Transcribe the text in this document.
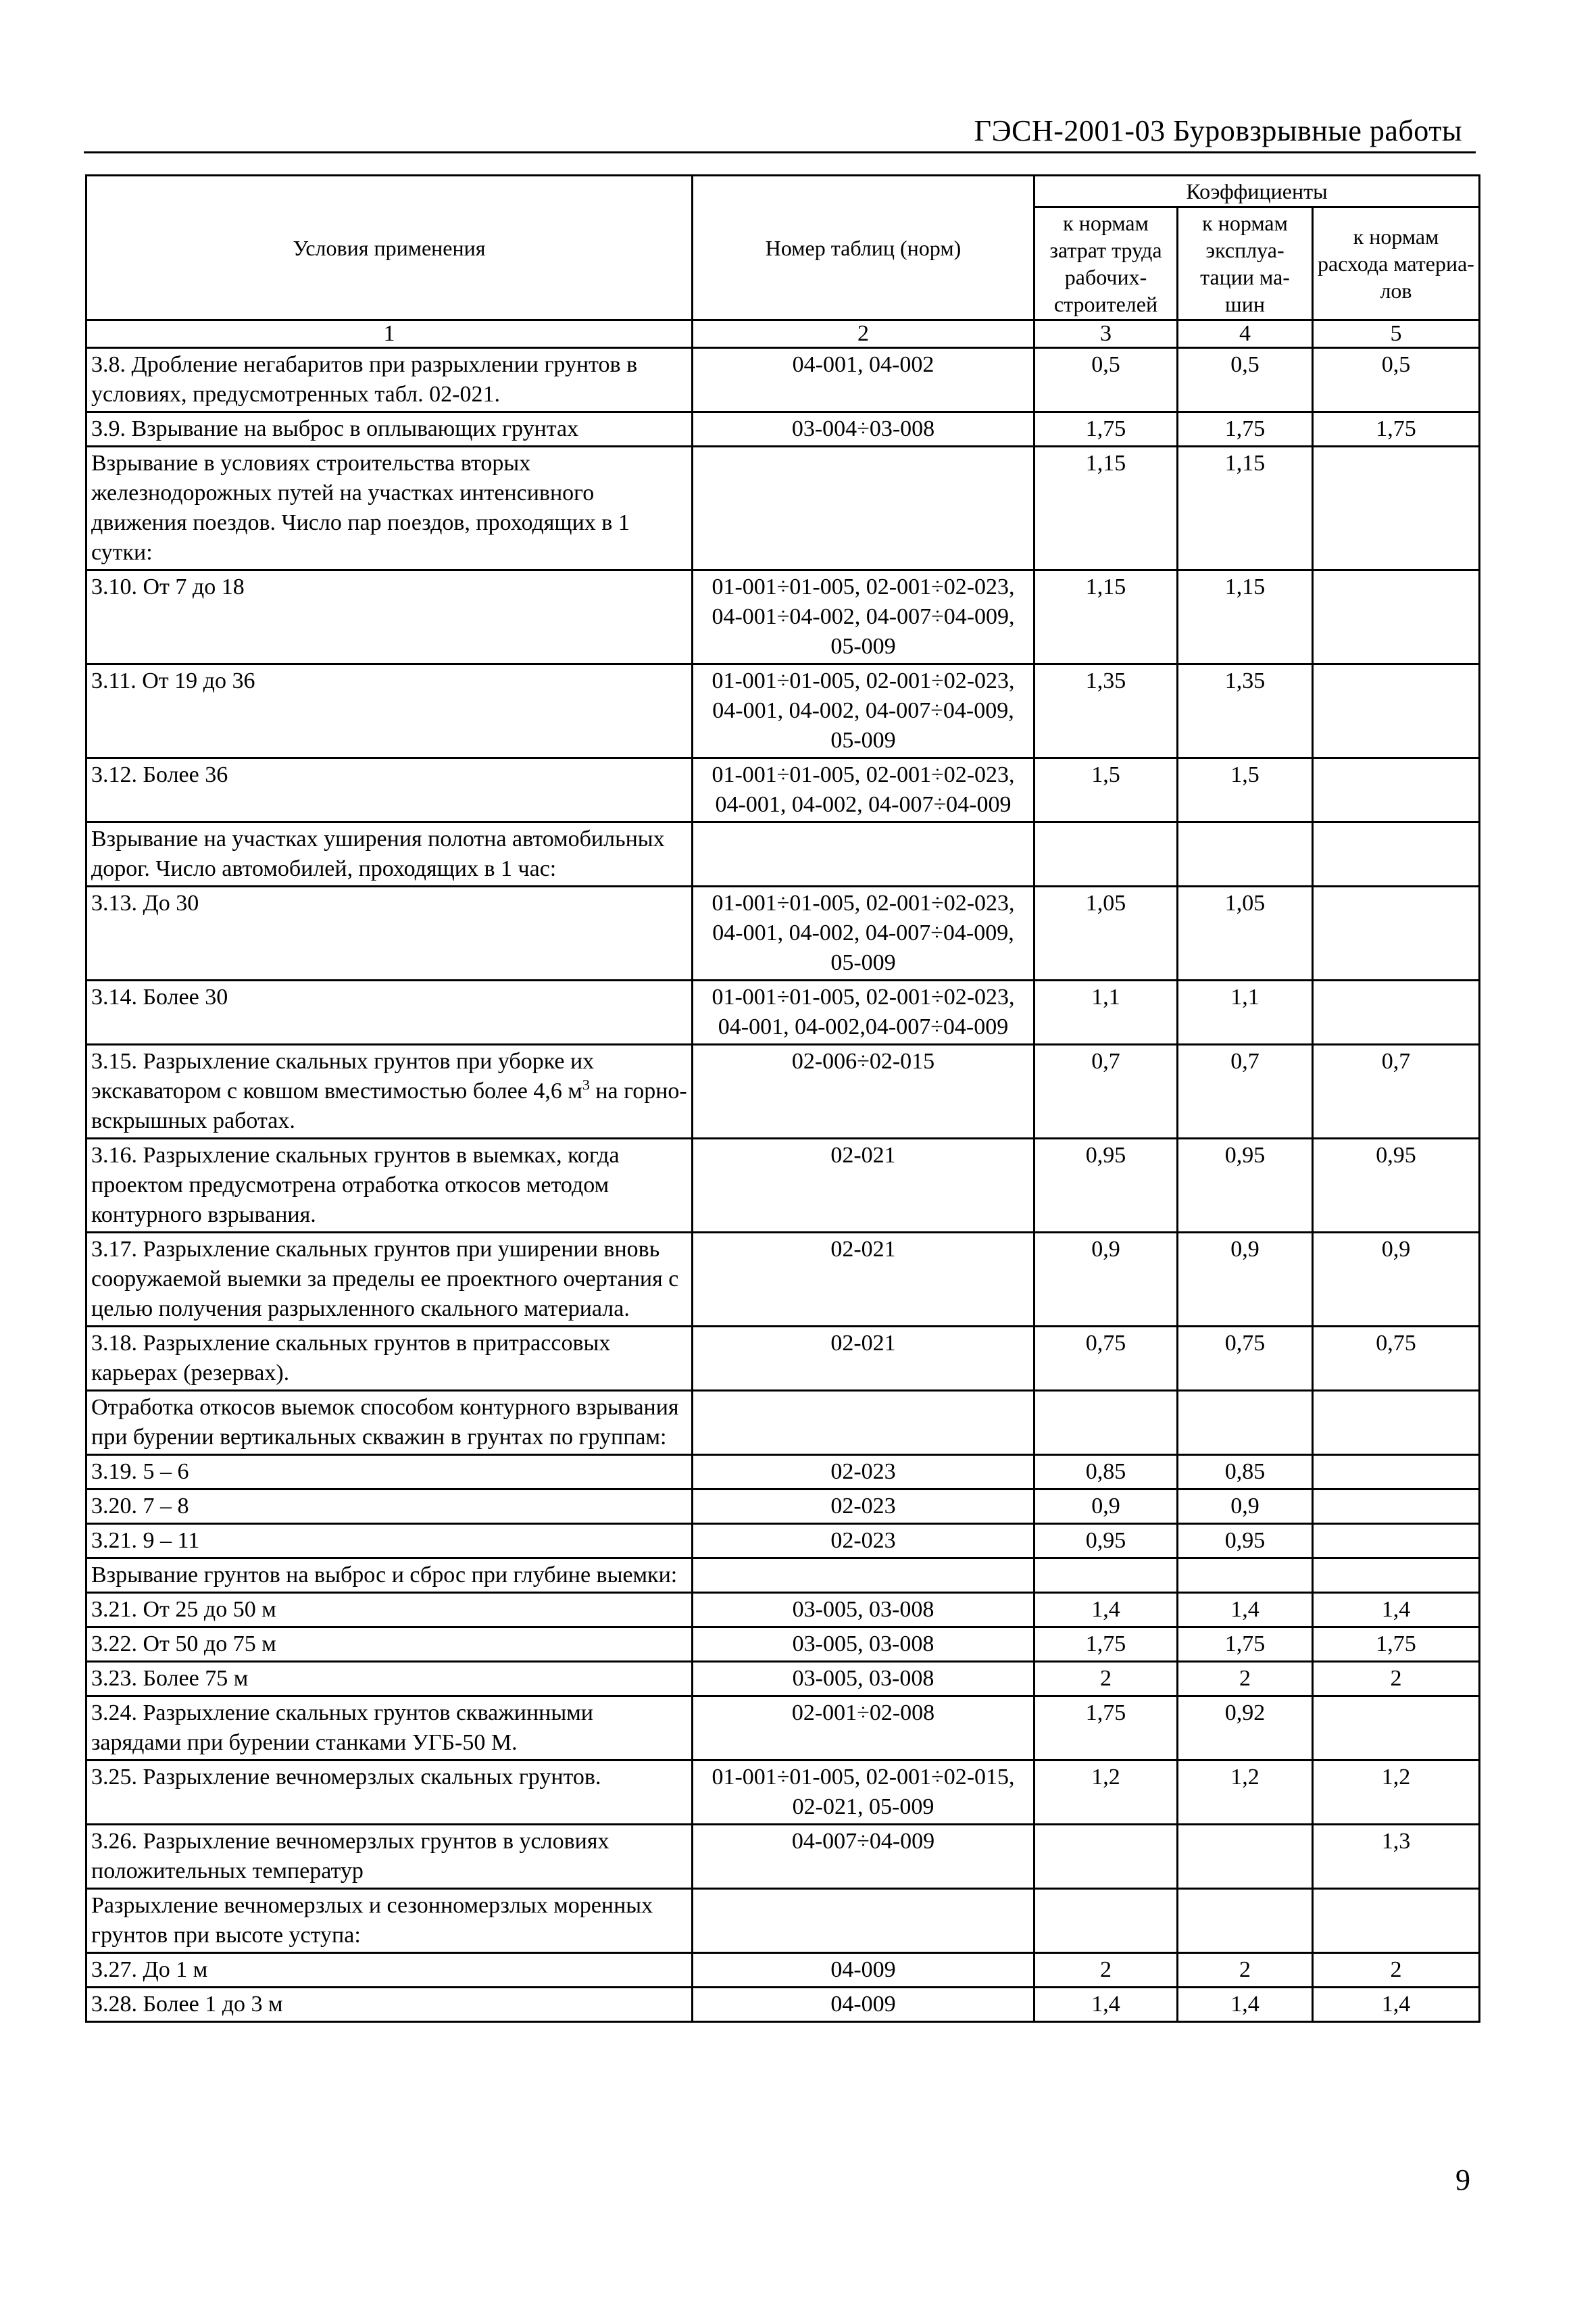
ГЭСН-2001-03 Буровзрывные работы
Условия применения	Номер таблиц (норм)	Коэффициенты		
		к нормам затрат труда рабочих-строителей	к нормам эксплуа-тации ма-шин	к нормам расхода материа-лов
1	2	3	4	5
3.8. Дробление негабаритов при разрыхлении грунтов в условиях, предусмотренных табл. 02-021.	04-001, 04-002	0,5	0,5	0,5
3.9. Взрывание на выброс в оплывающих грунтах	03-004÷03-008	1,75	1,75	1,75
Взрывание в условиях строительства вторых железнодорожных путей на участках интенсивного движения поездов. Число пар поездов, проходящих в 1 сутки:		1,15	1,15	
3.10. От 7 до 18	01-001÷01-005, 02-001÷02-023, 04-001÷04-002, 04-007÷04-009, 05-009	1,15	1,15	
3.11. От 19 до 36	01-001÷01-005, 02-001÷02-023, 04-001, 04-002, 04-007÷04-009, 05-009	1,35	1,35	
3.12. Более 36	01-001÷01-005, 02-001÷02-023, 04-001, 04-002, 04-007÷04-009	1,5	1,5	
Взрывание на участках уширения полотна автомобильных дорог. Число автомобилей, проходящих в 1 час:				
3.13. До 30	01-001÷01-005, 02-001÷02-023, 04-001, 04-002, 04-007÷04-009, 05-009	1,05	1,05	
3.14. Более 30	01-001÷01-005, 02-001÷02-023, 04-001, 04-002,04-007÷04-009	1,1	1,1	
3.15. Разрыхление скальных грунтов при уборке их экскаватором с ковшом вместимостью более 4,6 $м^3$ на горно-вскрышных работах.	02-006÷02-015	0,7	0,7	0,7
3.16. Разрыхление скальных грунтов в выемках, когда проектом предусмотрена отработка откосов методом контурного взрывания.	02-021	0,95	0,95	0,95
3.17. Разрыхление скальных грунтов при уширении вновь сооружаемой выемки за пределы ее проектного очертания с целью получения разрыхленного скального материала.	02-021	0,9	0,9	0,9
3.18. Разрыхление скальных грунтов в притрассовых карьерах (резервах).	02-021	0,75	0,75	0,75
Отработка откосов выемок способом контурного взрывания при бурении вертикальных скважин в грунтах по группам:				
3.19. 5 – 6	02-023	0,85	0,85	
3.20. 7 – 8	02-023	0,9	0,9	
3.21. 9 – 11	02-023	0,95	0,95	
Взрывание грунтов на выброс и сброс при глубине выемки:				
3.21. От 25 до 50 м	03-005, 03-008	1,4	1,4	1,4
3.22. От 50 до 75 м	03-005, 03-008	1,75	1,75	1,75
3.23. Более 75 м	03-005, 03-008	2	2	2
3.24. Разрыхление скальных грунтов скважинными зарядами при бурении станками УГБ-50 М.	02-001÷02-008	1,75	0,92	
3.25. Разрыхление вечномерзлых скальных грунтов.	01-001÷01-005, 02-001÷02-015, 02-021, 05-009	1,2	1,2	1,2
3.26. Разрыхление вечномерзлых грунтов в условиях положительных температур	04-007÷04-009			1,3
Разрыхление вечномерзлых и сезонномерзлых моренных грунтов при высоте уступа:				
3.27. До 1 м	04-009	2	2	2
3.28. Более 1 до 3 м	04-009	1,4	1,4	1,4
9
